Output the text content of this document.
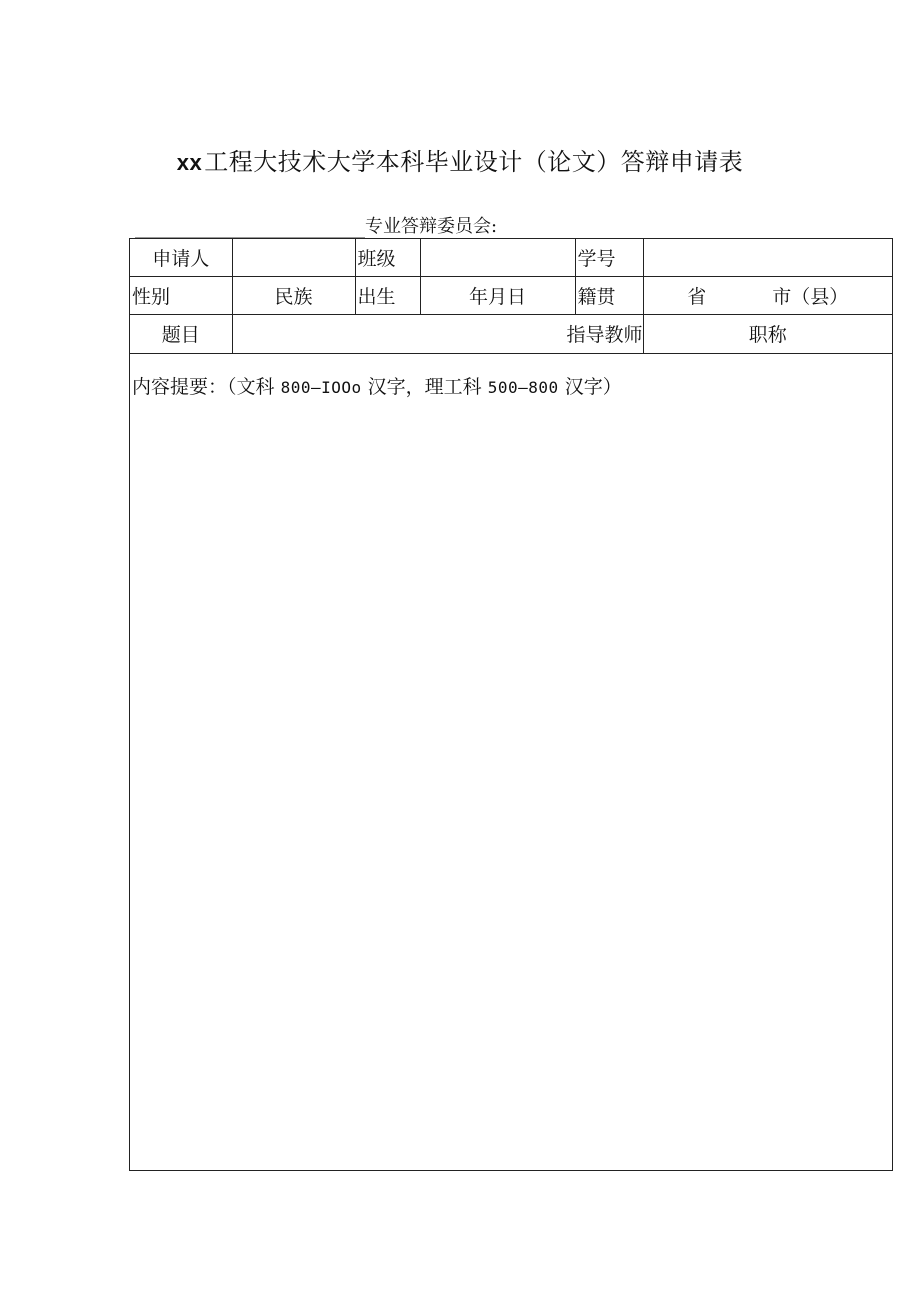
xx工程大技术大学本科毕业设计（论文）答辩申请表
专业答辩委员会:
申请人		班级		学号	
性别	民族	出生	年月日	籍贯	省 市（县）
题目	指导教师				职称
内容提要：（文科 800—IOOo 汉字，理工科 500—800 汉字）
